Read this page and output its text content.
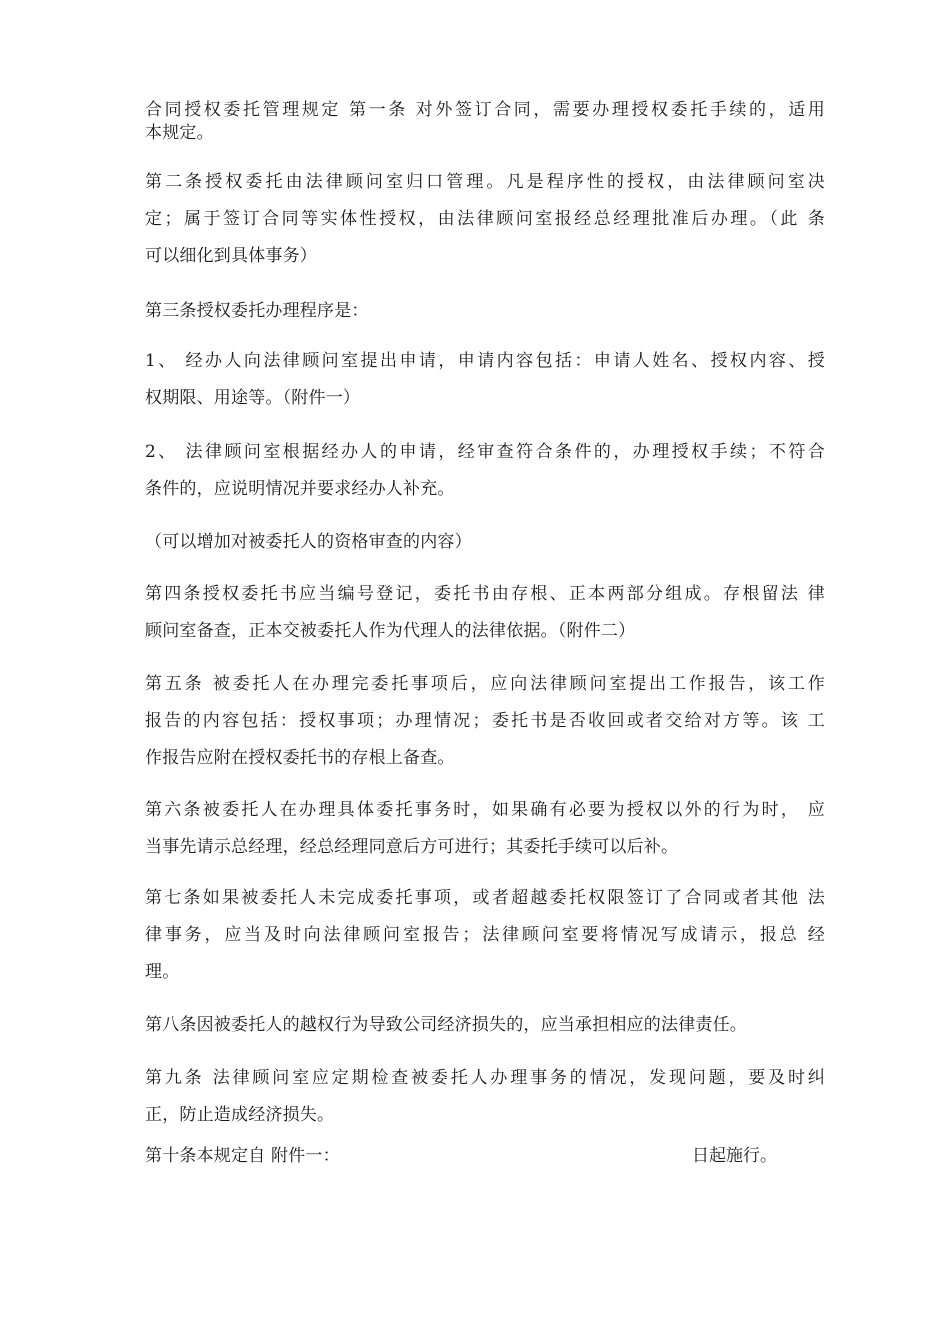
合同授权委托管理规定 第一条 对外签订合同，需要办理授权委托手续的，适用
本规定。
第二条授权委托由法律顾问室归口管理。凡是程序性的授权，由法律顾问室决
定；属于签订合同等实体性授权，由法律顾问室报经总经理批准后办理。（此 条
可以细化到具体事务）
第三条授权委托办理程序是：
1、 经办人向法律顾问室提出申请，申请内容包括：申请人姓名、授权内容、授
权期限、用途等。（附件一）
2、 法律顾问室根据经办人的申请，经审查符合条件的，办理授权手续；不符合
条件的，应说明情况并要求经办人补充。
（可以增加对被委托人的资格审查的内容）
第四条授权委托书应当编号登记，委托书由存根、正本两部分组成。存根留法 律
顾问室备查，正本交被委托人作为代理人的法律依据。（附件二）
第五条 被委托人在办理完委托事项后，应向法律顾问室提出工作报告，该工作
报告的内容包括：授权事项；办理情况；委托书是否收回或者交给对方等。该 工
作报告应附在授权委托书的存根上备查。
第六条被委托人在办理具体委托事务时，如果确有必要为授权以外的行为时， 应
当事先请示总经理，经总经理同意后方可进行；其委托手续可以后补。
第七条如果被委托人未完成委托事项，或者超越委托权限签订了合同或者其他 法
律事务，应当及时向法律顾问室报告；法律顾问室要将情况写成请示，报总 经
理。
第八条因被委托人的越权行为导致公司经济损失的，应当承担相应的法律责任。
第九条 法律顾问室应定期检查被委托人办理事务的情况，发现问题，要及时纠
正，防止造成经济损失。
第十条本规定自 附件一：	日起施行。
